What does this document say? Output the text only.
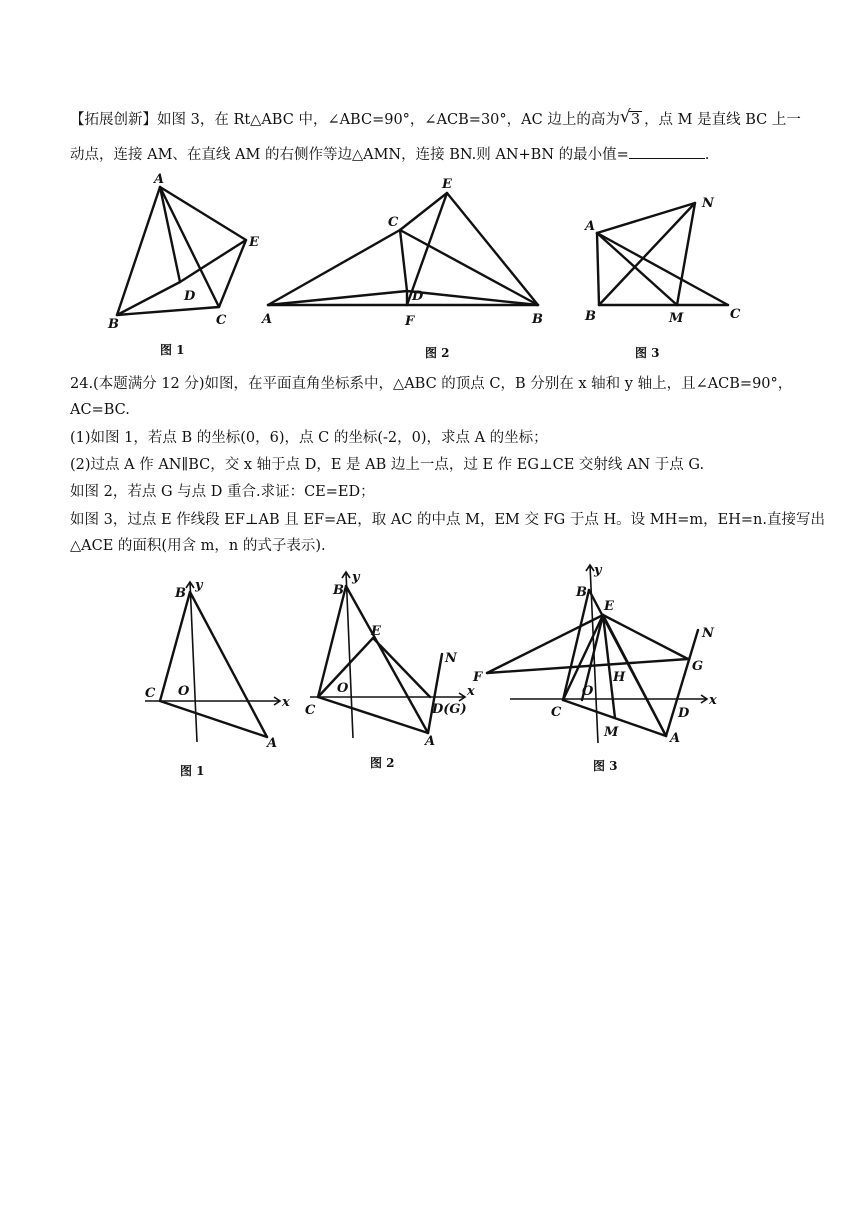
【拓展创新】如图 3，在 Rt△ABC 中，∠ABC=90°，∠ACB=30°，AC 边上的高为 √ 3 ，点 M 是直线 BC 上一
动点，连接 AM、在直线 AM 的右侧作等边△AMN，连接 BN.则 AN+BN 的最小值=	.
A
E
D
B	C
图 1
E
C
D
A	F	B
图 2
A
N
B	M	C
图 3
24.(本题满分 12 分)如图，在平面直角坐标系中，△ABC 的顶点 C，B 分别在 x 轴和 y 轴上，且∠ACB=90°，
AC=BC.
(1)如图 1，若点 B 的坐标(0，6)，点 C 的坐标(-2，0)，求点 A 的坐标；
(2)过点 A 作 AN∥BC，交 x 轴于点 D，E 是 AB 边上一点，过 E 作 EG⊥CE 交射线 AN 于点 G.
如图 2，若点 G 与点 D 重合.求证：CE=ED；
如图 3，过点 E 作线段 EF⊥AB 且 EF=AE，取 AC 的中点 M，EM 交 FG 于点 H。设 MH=m，EH=n.直接写出
△ACE 的面积(用含 m，n 的式子表示).
B
y
C O
x
A
图 1
B
y
E
N
O
C
x
D(G)
A
图 2
B
y
E
N
F
G
H
O
C	D
x
M	A
图 3
